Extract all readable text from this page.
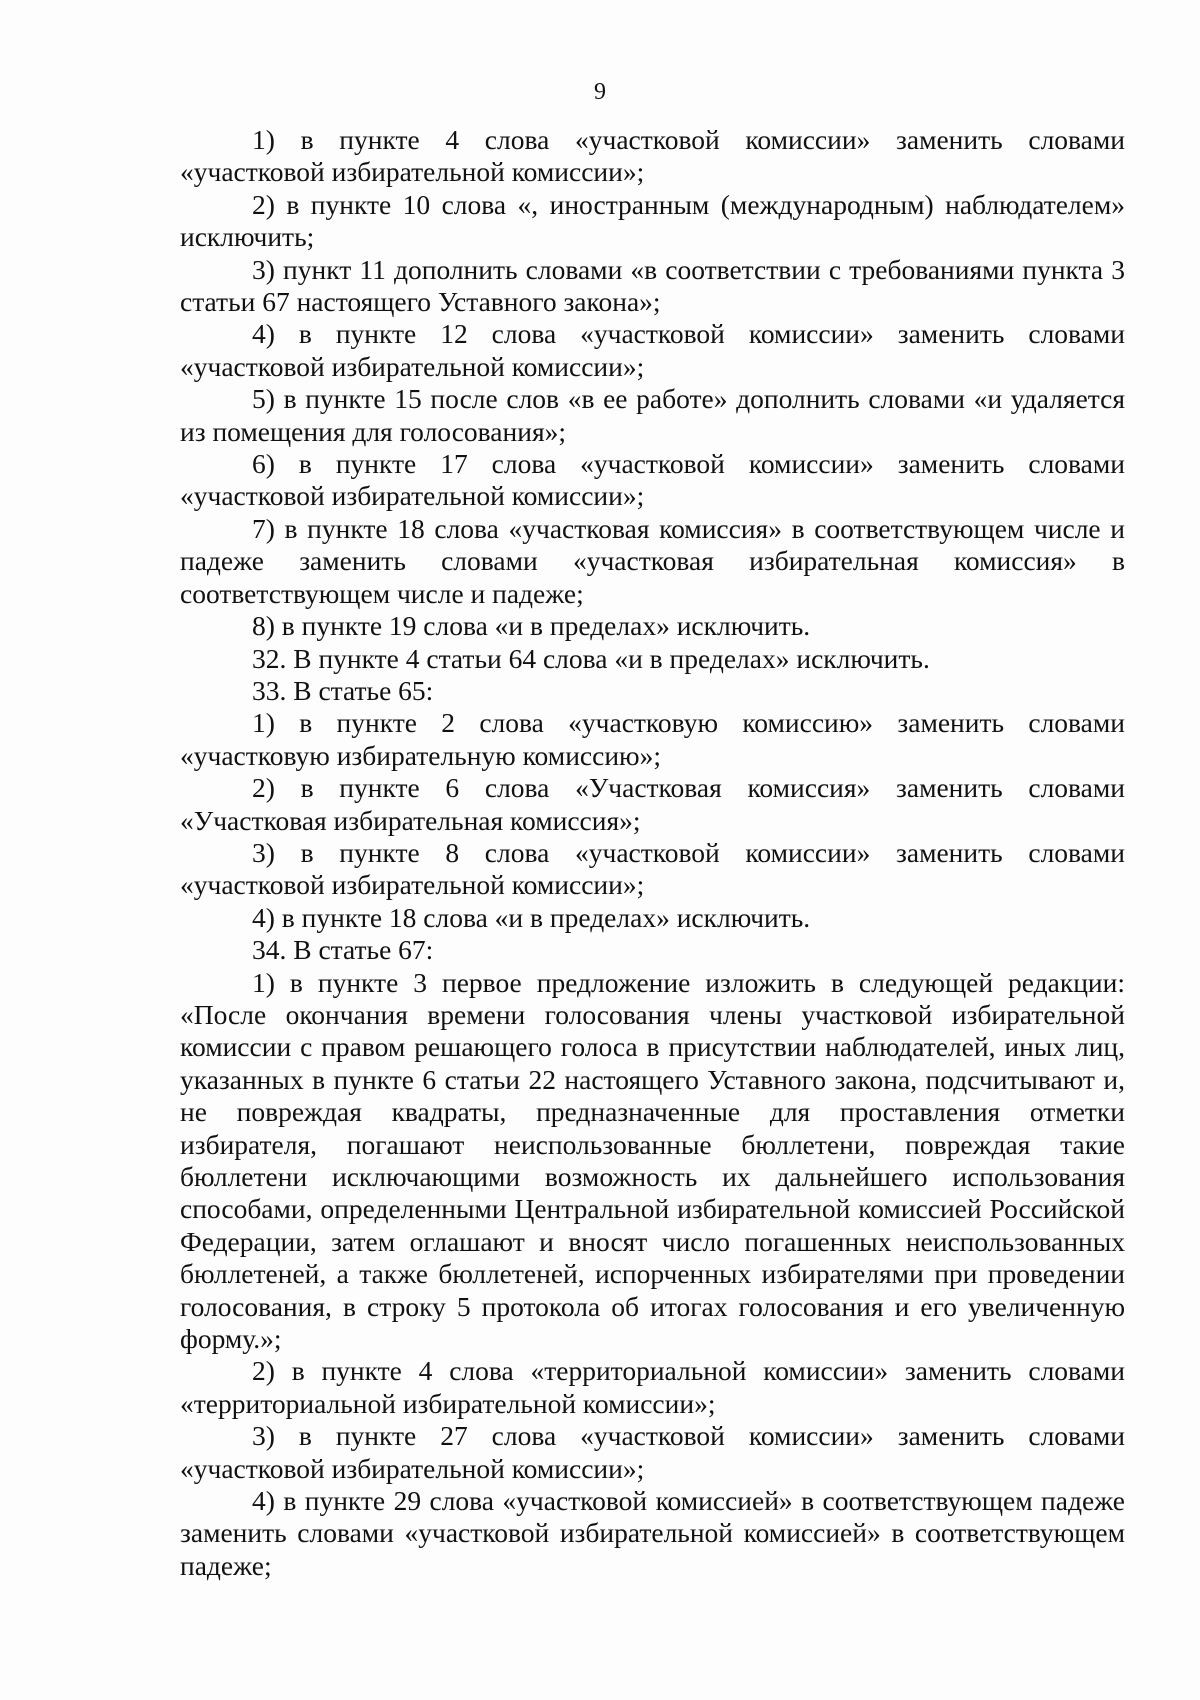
9

1) в пункте 4 слова «участковой комиссии» заменить словами «участковой избирательной комиссии»;

2) в пункте 10 слова «, иностранным (международным) наблюдателем» исключить;

3) пункт 11 дополнить словами «в соответствии с требованиями пункта 3 статьи 67 настоящего Уставного закона»;

4) в пункте 12 слова «участковой комиссии» заменить словами «участковой избирательной комиссии»;

5) в пункте 15 после слов «в ее работе» дополнить словами «и удаляется из помещения для голосования»;

6) в пункте 17 слова «участковой комиссии» заменить словами «участковой избирательной комиссии»;

7) в пункте 18 слова «участковая комиссия» в соответствующем числе и падеже заменить словами «участковая избирательная комиссия» в соответствующем числе и падеже;

8) в пункте 19 слова «и в пределах» исключить.

32. В пункте 4 статьи 64 слова «и в пределах» исключить.

33. В статье 65:

1) в пункте 2 слова «участковую комиссию» заменить словами «участковую избирательную комиссию»;

2) в пункте 6 слова «Участковая комиссия» заменить словами «Участковая избирательная комиссия»;

3) в пункте 8 слова «участковой комиссии» заменить словами «участковой избирательной комиссии»;

4) в пункте 18 слова «и в пределах» исключить.

34. В статье 67:

1) в пункте 3 первое предложение изложить в следующей редакции: «После окончания времени голосования члены участковой избирательной комиссии с правом решающего голоса в присутствии наблюдателей, иных лиц, указанных в пункте 6 статьи 22 настоящего Уставного закона, подсчитывают и, не повреждая квадраты, предназначенные для проставления отметки избирателя, погашают неиспользованные бюллетени, повреждая такие бюллетени исключающими возможность их дальнейшего использования способами, определенными Центральной избирательной комиссией Российской Федерации, затем оглашают и вносят число погашенных неиспользованных бюллетеней, а также бюллетеней, испорченных избирателями при проведении голосования, в строку 5 протокола об итогах голосования и его увеличенную форму.»;

2) в пункте 4 слова «территориальной комиссии» заменить словами «территориальной избирательной комиссии»;

3) в пункте 27 слова «участковой комиссии» заменить словами «участковой избирательной комиссии»;

4) в пункте 29 слова «участковой комиссией» в соответствующем падеже заменить словами «участковой избирательной комиссией» в соответствующем падеже;
